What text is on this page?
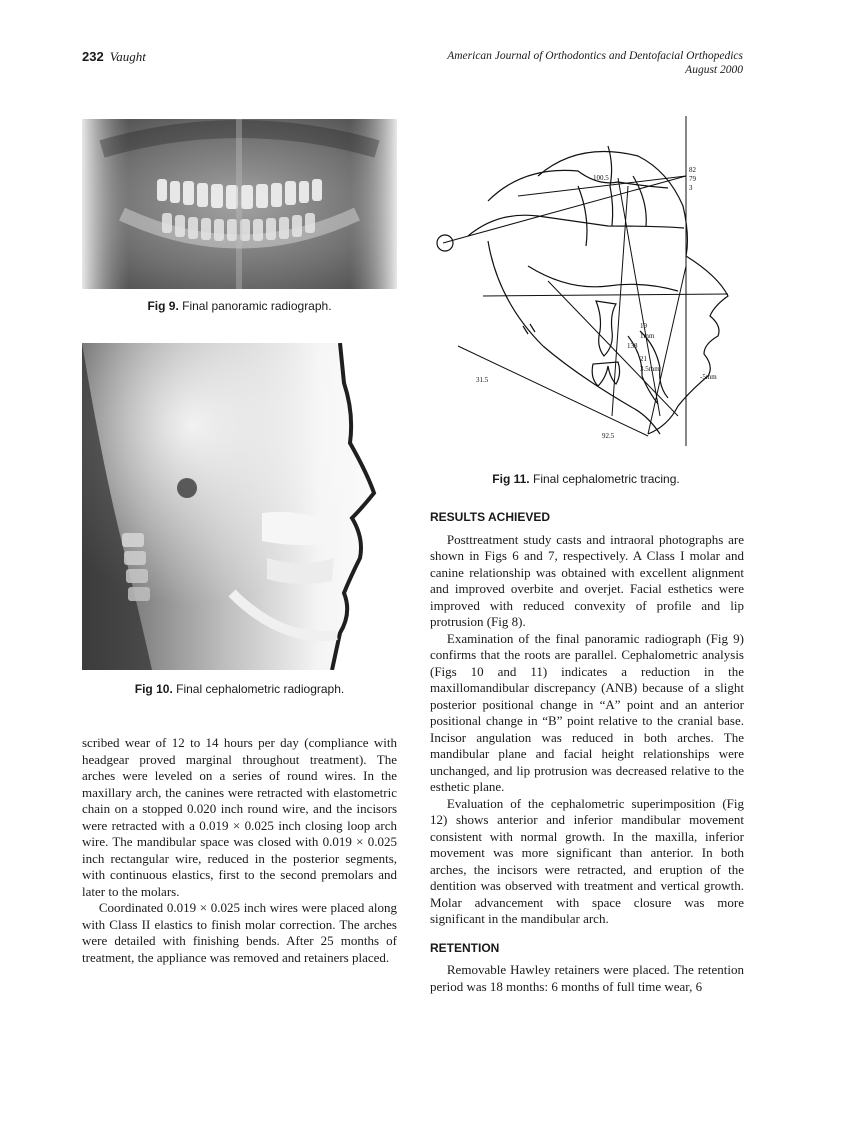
232 Vaught	American Journal of Orthodontics and Dentofacial Orthopedics
August 2000
Fig 9. Final panoramic radiograph.
Fig 10. Final cephalometric radiograph.
100.5
82
79
3
19
1mm
138
21
3.5mm
-5mm
31.5
92.5
Fig 11. Final cephalometric tracing.

scribed wear of 12 to 14 hours per day (compliance with headgear proved marginal throughout treatment). The arches were leveled on a series of round wires. In the maxillary arch, the canines were retracted with elastometric chain on a stopped 0.020 inch round wire, and the incisors were retracted with a 0.019 × 0.025 inch closing loop arch wire. The mandibular space was closed with 0.019 × 0.025 inch rectangular wire, reduced in the posterior segments, with continuous elastics, first to the second premolars and later to the molars.

Coordinated 0.019 × 0.025 inch wires were placed along with Class II elastics to finish molar correction. The arches were detailed with finishing bends. After 25 months of treatment, the appliance was removed and retainers placed.

RESULTS ACHIEVED

Posttreatment study casts and intraoral photographs are shown in Figs 6 and 7, respectively. A Class I molar and canine relationship was obtained with excellent alignment and improved overbite and overjet. Facial esthetics were improved with reduced convexity of profile and lip protrusion (Fig 8).

Examination of the final panoramic radiograph (Fig 9) confirms that the roots are parallel. Cephalometric analysis (Figs 10 and 11) indicates a reduction in the maxillomandibular discrepancy (ANB) because of a slight posterior positional change in “A” point and an anterior positional change in “B” point relative to the cranial base. Incisor angulation was reduced in both arches. The mandibular plane and facial height relationships were unchanged, and lip protrusion was decreased relative to the esthetic plane.

Evaluation of the cephalometric superimposition (Fig 12) shows anterior and inferior mandibular movement consistent with normal growth. In the maxilla, inferior movement was more significant than anterior. In both arches, the incisors were retracted, and eruption of the dentition was observed with treatment and vertical growth. Molar advancement with space closure was more significant in the mandibular arch.

RETENTION

Removable Hawley retainers were placed. The retention period was 18 months: 6 months of full time wear, 6
